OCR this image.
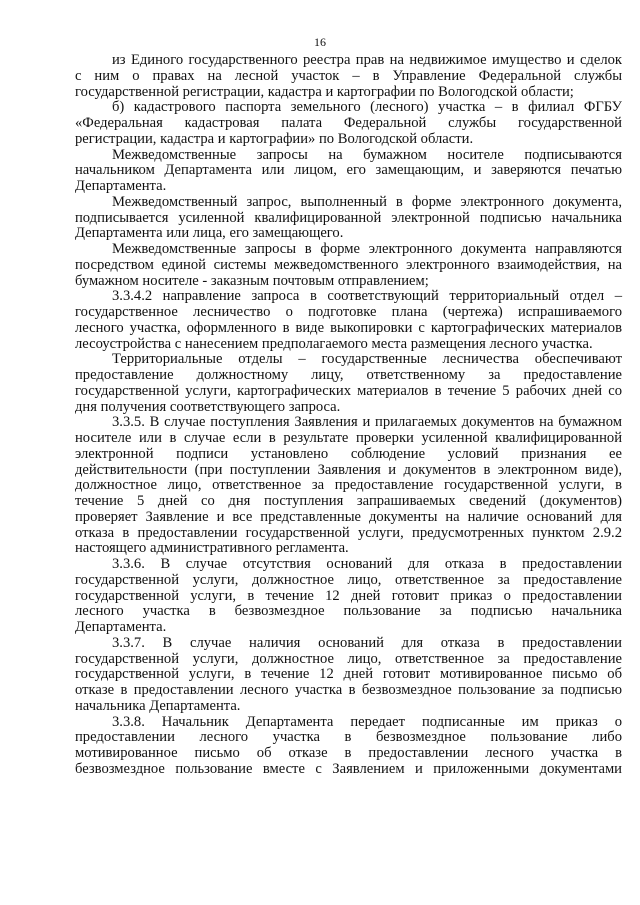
16
из Единого государственного реестра прав на недвижимое имущество и сделок
с ним о правах на лесной участок – в Управление Федеральной службы
государственной регистрации, кадастра и картографии по Вологодской области;
б) кадастрового паспорта земельного (лесного) участка – в филиал ФГБУ
«Федеральная кадастровая палата Федеральной службы государственной
регистрации, кадастра и картографии» по Вологодской области.
Межведомственные запросы на бумажном носителе подписываются
начальником Департамента или лицом, его замещающим, и заверяются печатью
Департамента.
Межведомственный запрос, выполненный в форме электронного документа,
подписывается усиленной квалифицированной электронной подписью начальника
Департамента или лица, его замещающего.
Межведомственные запросы в форме электронного документа направляются
посредством единой системы межведомственного электронного взаимодействия, на
бумажном носителе - заказным почтовым отправлением;
3.3.4.2 направление запроса в соответствующий территориальный отдел –
государственное лесничество о подготовке плана (чертежа) испрашиваемого
лесного участка, оформленного в виде выкопировки с картографических материалов
лесоустройства с нанесением предполагаемого места размещения лесного участка.
Территориальные отделы – государственные лесничества обеспечивают
предоставление должностному лицу, ответственному за предоставление
государственной услуги, картографических материалов в течение 5 рабочих дней со
дня получения соответствующего запроса.
3.3.5. В случае поступления Заявления и прилагаемых документов на бумажном
носителе или в случае если в результате проверки усиленной квалифицированной
электронной подписи установлено соблюдение условий признания ее
действительности (при поступлении Заявления и документов в электронном виде),
должностное лицо, ответственное за предоставление государственной услуги, в
течение 5 дней со дня поступления запрашиваемых сведений (документов)
проверяет Заявление и все представленные документы на наличие оснований для
отказа в предоставлении государственной услуги, предусмотренных пунктом 2.9.2
настоящего административного регламента.
3.3.6. В случае отсутствия оснований для отказа в предоставлении
государственной услуги, должностное лицо, ответственное за предоставление
государственной услуги, в течение 12 дней готовит приказ о предоставлении
лесного участка в безвозмездное пользование за подписью начальника
Департамента.
3.3.7. В случае наличия оснований для отказа в предоставлении
государственной услуги, должностное лицо, ответственное за предоставление
государственной услуги, в течение 12 дней готовит мотивированное письмо об
отказе в предоставлении лесного участка в безвозмездное пользование за подписью
начальника Департамента.
3.3.8. Начальник Департамента передает подписанные им приказ о
предоставлении лесного участка в безвозмездное пользование либо
мотивированное письмо об отказе в предоставлении лесного участка в
безвозмездное пользование вместе с Заявлением и приложенными документами
